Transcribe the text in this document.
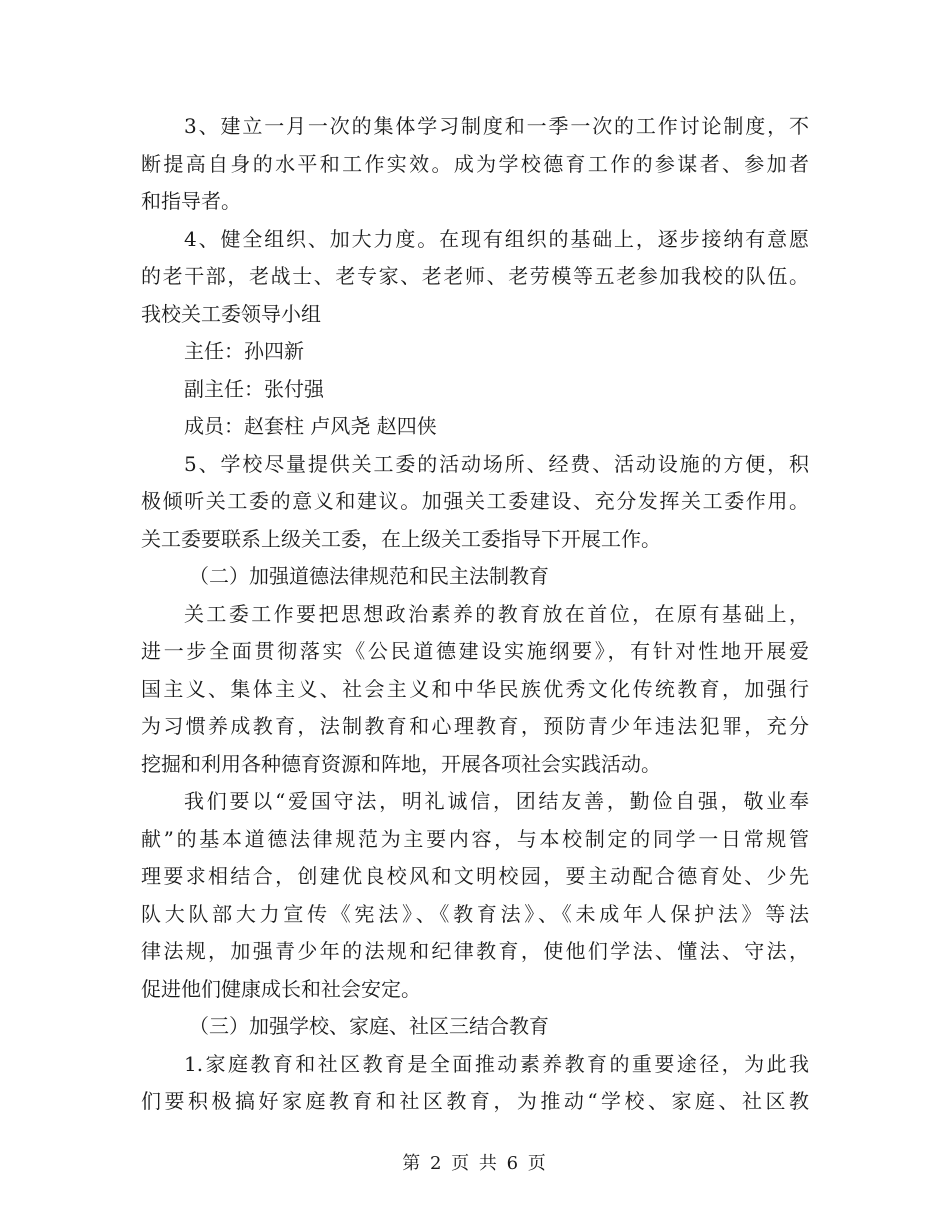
3、建立一月一次的集体学习制度和一季一次的工作讨论制度，不
断提高自身的水平和工作实效。成为学校德育工作的参谋者、参加者
和指导者。
4、健全组织、加大力度。在现有组织的基础上，逐步接纳有意愿
的老干部，老战士、老专家、老老师、老劳模等五老参加我校的队伍。
我校关工委领导小组
主任：孙四新
副主任：张付强
成员：赵套柱 卢风尧 赵四侠
5、学校尽量提供关工委的活动场所、经费、活动设施的方便，积
极倾听关工委的意义和建议。加强关工委建设、充分发挥关工委作用。
关工委要联系上级关工委，在上级关工委指导下开展工作。
（二）加强道德法律规范和民主法制教育
关工委工作要把思想政治素养的教育放在首位，在原有基础上，
进一步全面贯彻落实《公民道德建设实施纲要》，有针对性地开展爱
国主义、集体主义、社会主义和中华民族优秀文化传统教育，加强行
为习惯养成教育，法制教育和心理教育，预防青少年违法犯罪，充分
挖掘和利用各种德育资源和阵地，开展各项社会实践活动。
我们要以“爱国守法，明礼诚信，团结友善，勤俭自强，敬业奉
献”的基本道德法律规范为主要内容，与本校制定的同学一日常规管
理要求相结合，创建优良校风和文明校园，要主动配合德育处、少先
队大队部大力宣传《宪法》、《教育法》、《未成年人保护法》等法
律法规，加强青少年的法规和纪律教育，使他们学法、懂法、守法，
促进他们健康成长和社会安定。
（三）加强学校、家庭、社区三结合教育
1.家庭教育和社区教育是全面推动素养教育的重要途径，为此我
们要积极搞好家庭教育和社区教育，为推动“学校、家庭、社区教
第 2 页 共 6 页
